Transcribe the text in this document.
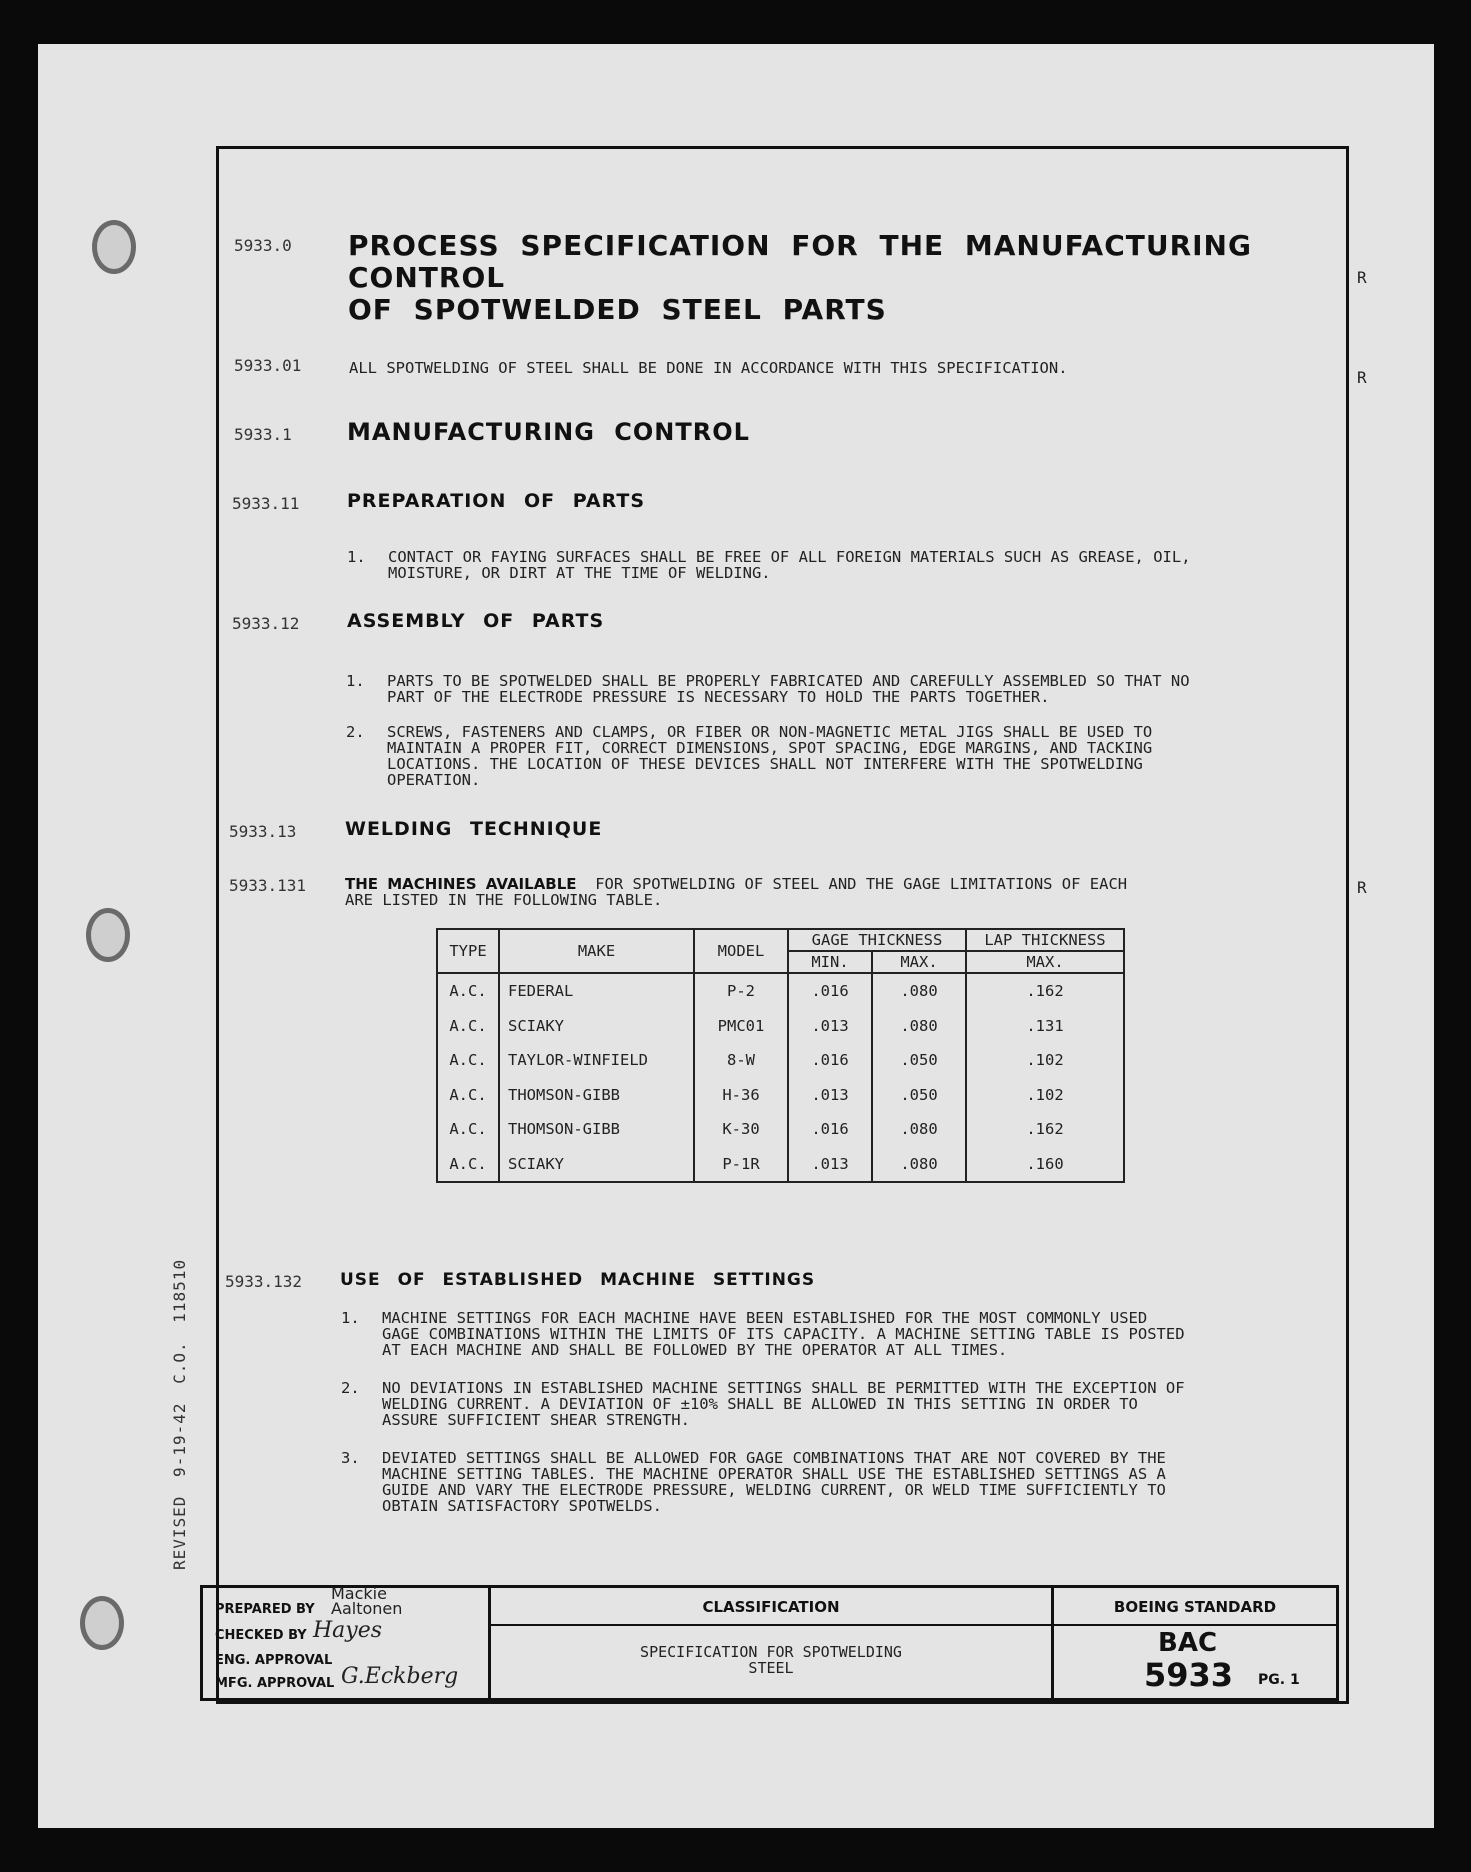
5933.0 PROCESS SPECIFICATION FOR THE MANUFACTURING CONTROL
OF SPOTWELDED STEEL PARTS
R
5933.01	ALL SPOTWELDING OF STEEL SHALL BE DONE IN ACCORDANCE WITH THIS SPECIFICATION.	R
5933.1 MANUFACTURING CONTROL
5933.11	PREPARATION OF PARTS
1. CONTACT OR FAYING SURFACES SHALL BE FREE OF ALL FOREIGN MATERIALS SUCH AS GREASE, OIL,
MOISTURE, OR DIRT AT THE TIME OF WELDING.
5933.12	ASSEMBLY OF PARTS
1. PARTS TO BE SPOTWELDED SHALL BE PROPERLY FABRICATED AND CAREFULLY ASSEMBLED SO THAT NO
PART OF THE ELECTRODE PRESSURE IS NECESSARY TO HOLD THE PARTS TOGETHER.
2. SCREWS, FASTENERS AND CLAMPS, OR FIBER OR NON-MAGNETIC METAL JIGS SHALL BE USED TO
MAINTAIN A PROPER FIT, CORRECT DIMENSIONS, SPOT SPACING, EDGE MARGINS, AND TACKING
LOCATIONS. THE LOCATION OF THESE DEVICES SHALL NOT INTERFERE WITH THE SPOTWELDING
OPERATION.
5933.13	WELDING TECHNIQUE
5933.131	THE MACHINES AVAILABLE FOR SPOTWELDING OF STEEL AND THE GAGE LIMITATIONS OF EACH
ARE LISTED IN THE FOLLOWING TABLE.
R
TYPE	MAKE	MODEL	GAGE THICKNESS		LAP THICKNESS
			MIN.	MAX.	MAX.
A.C.	FEDERAL	P-2	.016	.080	.162
A.C.	SCIAKY	PMC01	.013	.080	.131
A.C.	TAYLOR-WINFIELD	8-W	.016	.050	.102
A.C.	THOMSON-GIBB	H-36	.013	.050	.102
A.C.	THOMSON-GIBB	K-30	.016	.080	.162
A.C.	SCIAKY	P-1R	.013	.080	.160
5933.132 USE OF ESTABLISHED MACHINE SETTINGS
1. MACHINE SETTINGS FOR EACH MACHINE HAVE BEEN ESTABLISHED FOR THE MOST COMMONLY USED
GAGE COMBINATIONS WITHIN THE LIMITS OF ITS CAPACITY. A MACHINE SETTING TABLE IS POSTED
AT EACH MACHINE AND SHALL BE FOLLOWED BY THE OPERATOR AT ALL TIMES.
2. NO DEVIATIONS IN ESTABLISHED MACHINE SETTINGS SHALL BE PERMITTED WITH THE EXCEPTION OF
WELDING CURRENT. A DEVIATION OF ±10% SHALL BE ALLOWED IN THIS SETTING IN ORDER TO
ASSURE SUFFICIENT SHEAR STRENGTH.
3. DEVIATED SETTINGS SHALL BE ALLOWED FOR GAGE COMBINATIONS THAT ARE NOT COVERED BY THE
MACHINE SETTING TABLES. THE MACHINE OPERATOR SHALL USE THE ESTABLISHED SETTINGS AS A
GUIDE AND VARY THE ELECTRODE PRESSURE, WELDING CURRENT, OR WELD TIME SUFFICIENTLY TO
OBTAIN SATISFACTORY SPOTWELDS.
REVISED 9-19-42 C.O. 118510
PREPARED BY
CHECKED BY
ENG. APPROVAL
MFG. APPROVAL
Mackie Aaltonen
Hayes
G.Eckberg
CLASSIFICATION
SPECIFICATION FOR SPOTWELDING
STEEL
BOEING STANDARD
BAC
5933 PG. 1
